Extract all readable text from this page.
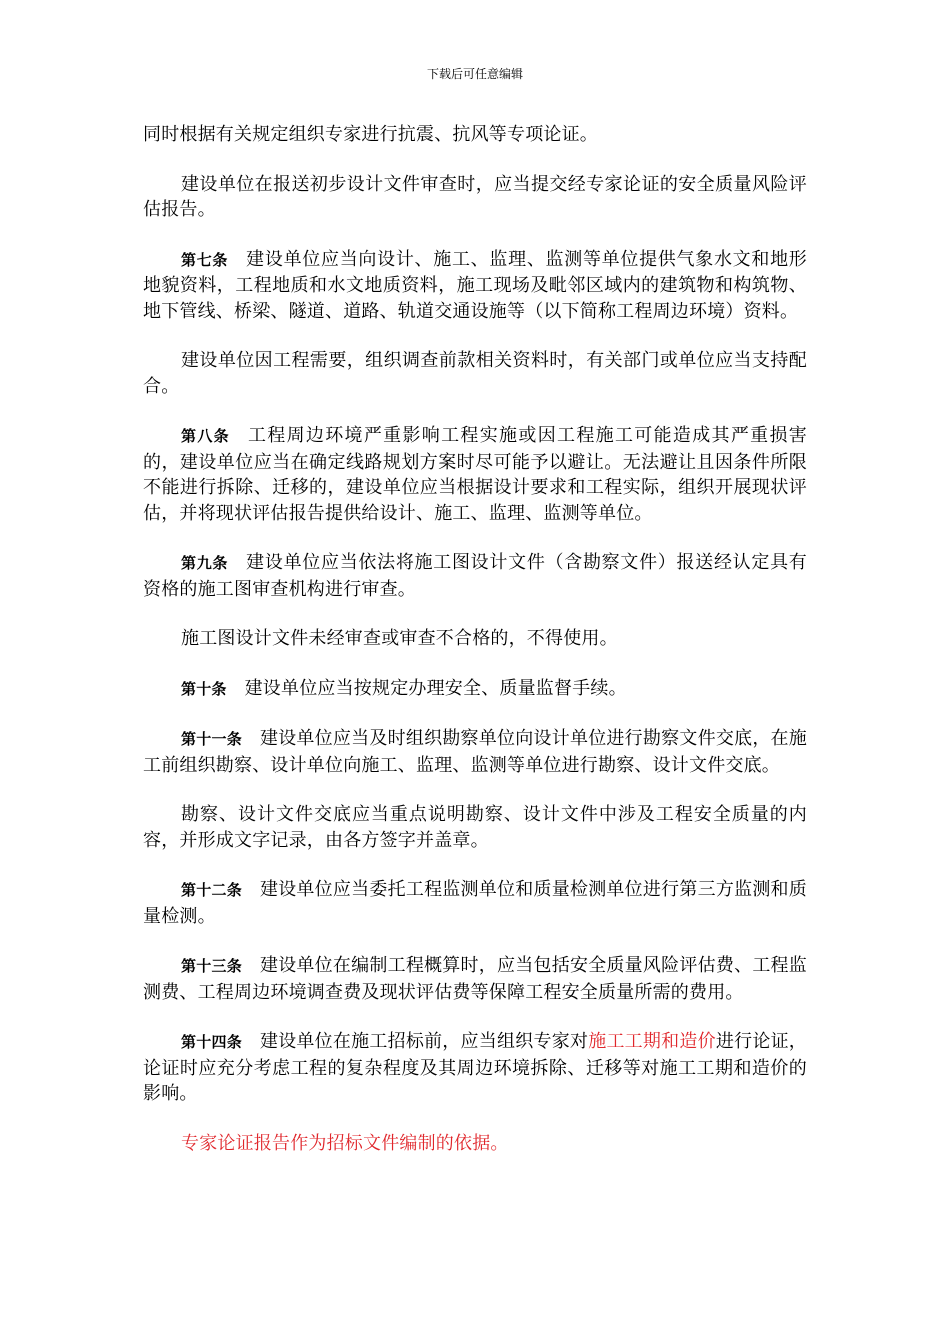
下载后可任意编辑

同时根据有关规定组织专家进行抗震、抗风等专项论证。

建设单位在报送初步设计文件审查时，应当提交经专家论证的安全质量风险评估报告。

第七条 建设单位应当向设计、施工、监理、监测等单位提供气象水文和地形地貌资料，工程地质和水文地质资料，施工现场及毗邻区域内的建筑物和构筑物、地下管线、桥梁、隧道、道路、轨道交通设施等（以下简称工程周边环境）资料。

建设单位因工程需要，组织调查前款相关资料时，有关部门或单位应当支持配合。

第八条 工程周边环境严重影响工程实施或因工程施工可能造成其严重损害的，建设单位应当在确定线路规划方案时尽可能予以避让。无法避让且因条件所限不能进行拆除、迁移的，建设单位应当根据设计要求和工程实际，组织开展现状评估，并将现状评估报告提供给设计、施工、监理、监测等单位。

第九条 建设单位应当依法将施工图设计文件（含勘察文件）报送经认定具有资格的施工图审查机构进行审查。

施工图设计文件未经审查或审查不合格的，不得使用。

第十条 建设单位应当按规定办理安全、质量监督手续。

第十一条 建设单位应当及时组织勘察单位向设计单位进行勘察文件交底，在施工前组织勘察、设计单位向施工、监理、监测等单位进行勘察、设计文件交底。

勘察、设计文件交底应当重点说明勘察、设计文件中涉及工程安全质量的内容，并形成文字记录，由各方签字并盖章。

第十二条 建设单位应当委托工程监测单位和质量检测单位进行第三方监测和质量检测。

第十三条 建设单位在编制工程概算时，应当包括安全质量风险评估费、工程监测费、工程周边环境调查费及现状评估费等保障工程安全质量所需的费用。

第十四条 建设单位在施工招标前，应当组织专家对施工工期和造价进行论证，论证时应充分考虑工程的复杂程度及其周边环境拆除、迁移等对施工工期和造价的影响。

专家论证报告作为招标文件编制的依据。
